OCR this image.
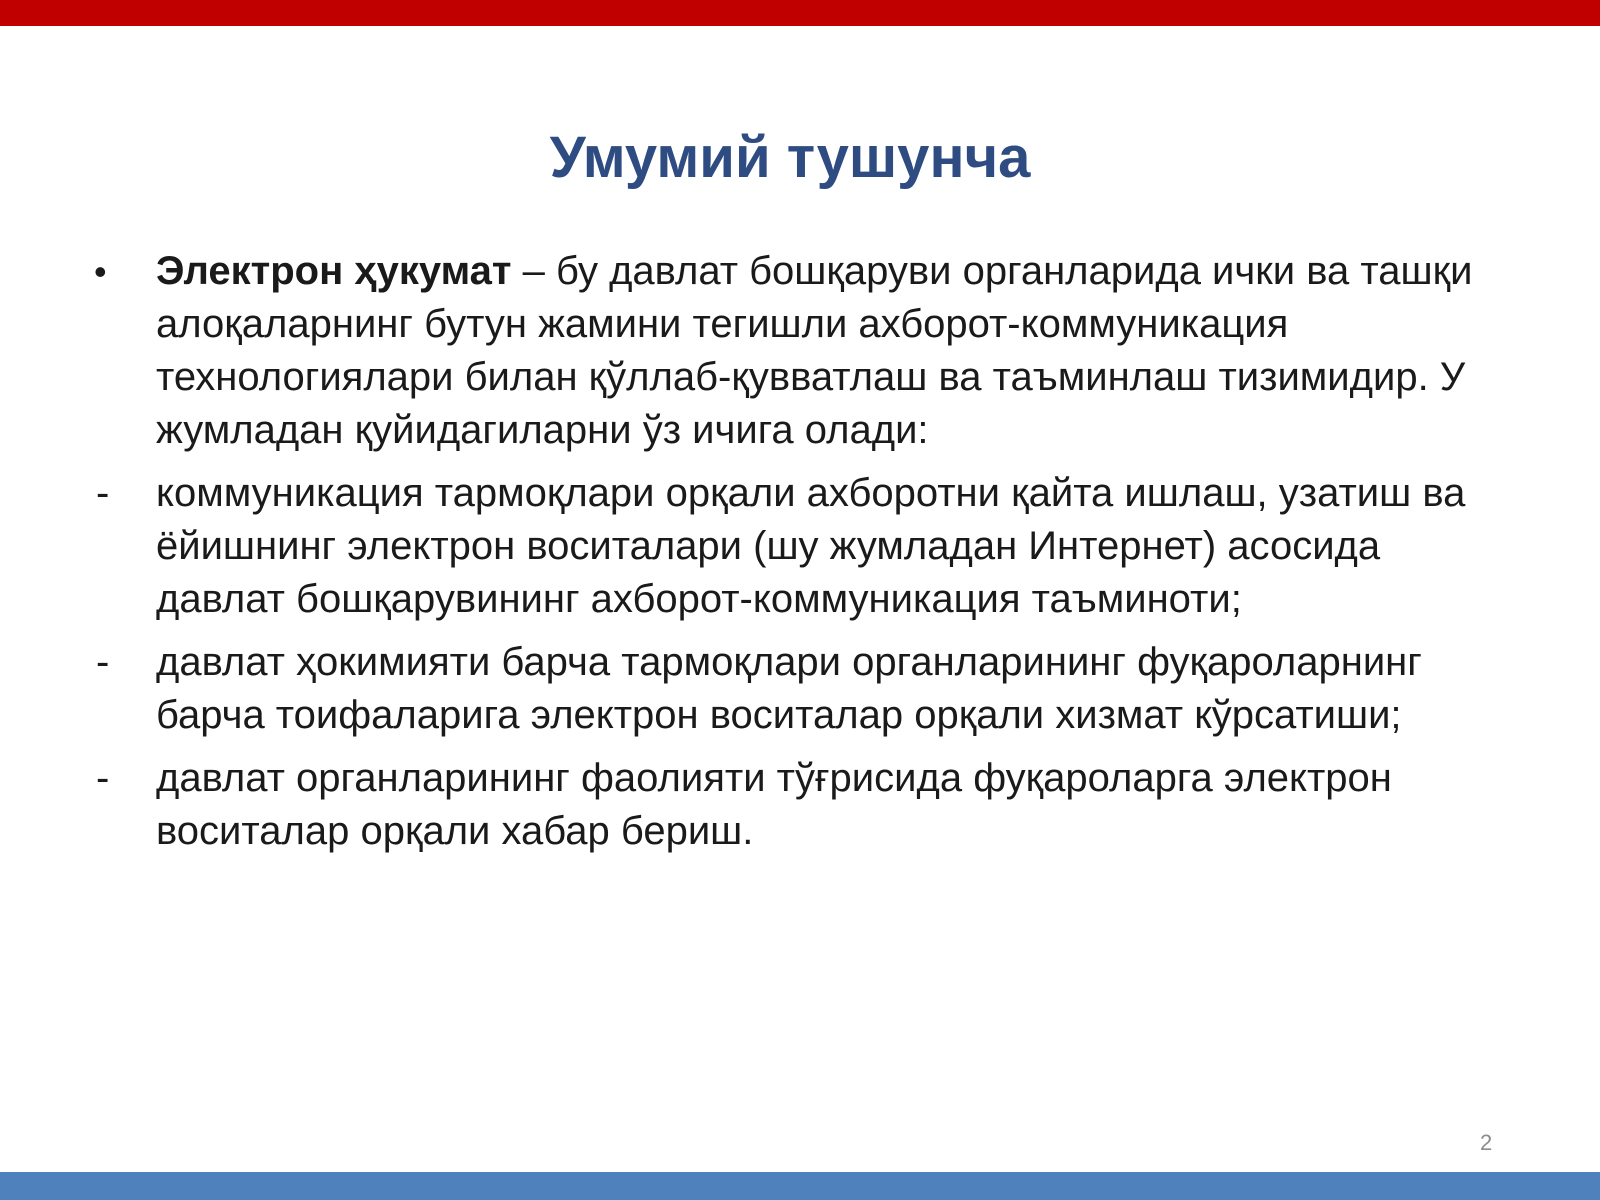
Умумий тушунча
•	Электрон ҳукумат – бу давлат бошқаруви органларида ички ва ташқи алоқаларнинг бутун жамини тегишли ахборот-коммуникация технологиялари билан қўллаб-қувватлаш ва таъминлаш тизимидир. У жумладан қуйидагиларни ўз ичига олади:
-	коммуникация тармоқлари орқали ахборотни қайта ишлаш, узатиш ва ёйишнинг электрон воситалари (шу жумладан Интернет) асосида давлат бошқарувининг ахборот-коммуникация таъминоти;
-	давлат ҳокимияти барча тармоқлари органларининг фуқароларнинг барча тоифаларига электрон воситалар орқали хизмат кўрсатиши;
-	давлат органларининг фаолияти тўғрисида фуқароларга электрон воситалар орқали хабар бериш.
2
